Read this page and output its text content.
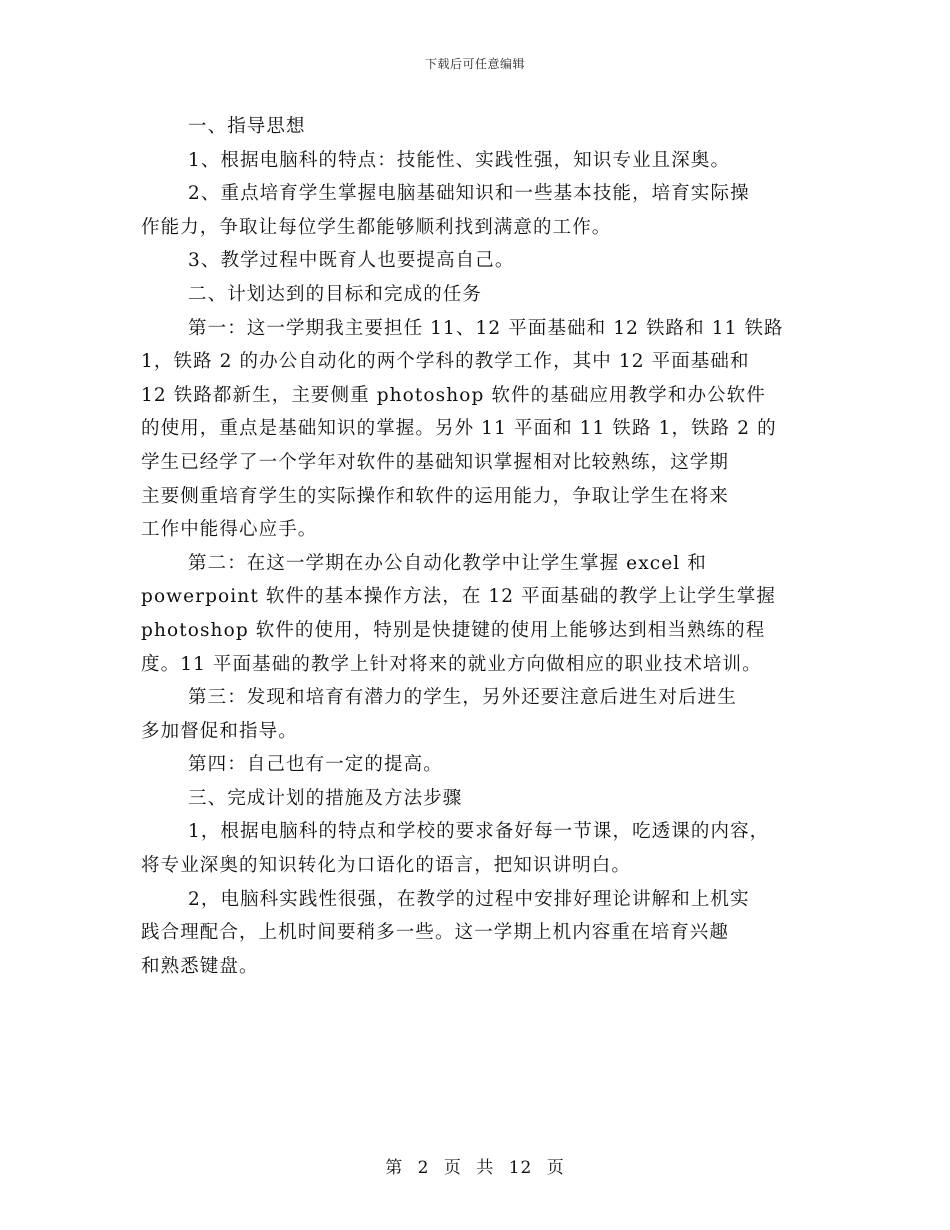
下载后可任意编辑

一、指导思想

1、根据电脑科的特点：技能性、实践性强，知识专业且深奥。

2、重点培育学生掌握电脑基础知识和一些基本技能，培育实际操
作能力，争取让每位学生都能够顺利找到满意的工作。

3、教学过程中既育人也要提高自己。

二、计划达到的目标和完成的任务

第一：这一学期我主要担任 11、12 平面基础和 12 铁路和 11 铁路
1，铁路 2 的办公自动化的两个学科的教学工作，其中 12 平面基础和
12 铁路都新生，主要侧重 photoshop 软件的基础应用教学和办公软件
的使用，重点是基础知识的掌握。另外 11 平面和 11 铁路 1，铁路 2 的
学生已经学了一个学年对软件的基础知识掌握相对比较熟练，这学期
主要侧重培育学生的实际操作和软件的运用能力，争取让学生在将来
工作中能得心应手。

第二：在这一学期在办公自动化教学中让学生掌握 excel 和
powerpoint 软件的基本操作方法，在 12 平面基础的教学上让学生掌握
photoshop 软件的使用，特别是快捷键的使用上能够达到相当熟练的程
度。11 平面基础的教学上针对将来的就业方向做相应的职业技术培训。

第三：发现和培育有潜力的学生，另外还要注意后进生对后进生
多加督促和指导。

第四：自己也有一定的提高。

三、完成计划的措施及方法步骤

1，根据电脑科的特点和学校的要求备好每一节课，吃透课的内容，
将专业深奥的知识转化为口语化的语言，把知识讲明白。

2，电脑科实践性很强，在教学的过程中安排好理论讲解和上机实
践合理配合，上机时间要稍多一些。这一学期上机内容重在培育兴趣
和熟悉键盘。

第 2 页 共 12 页
